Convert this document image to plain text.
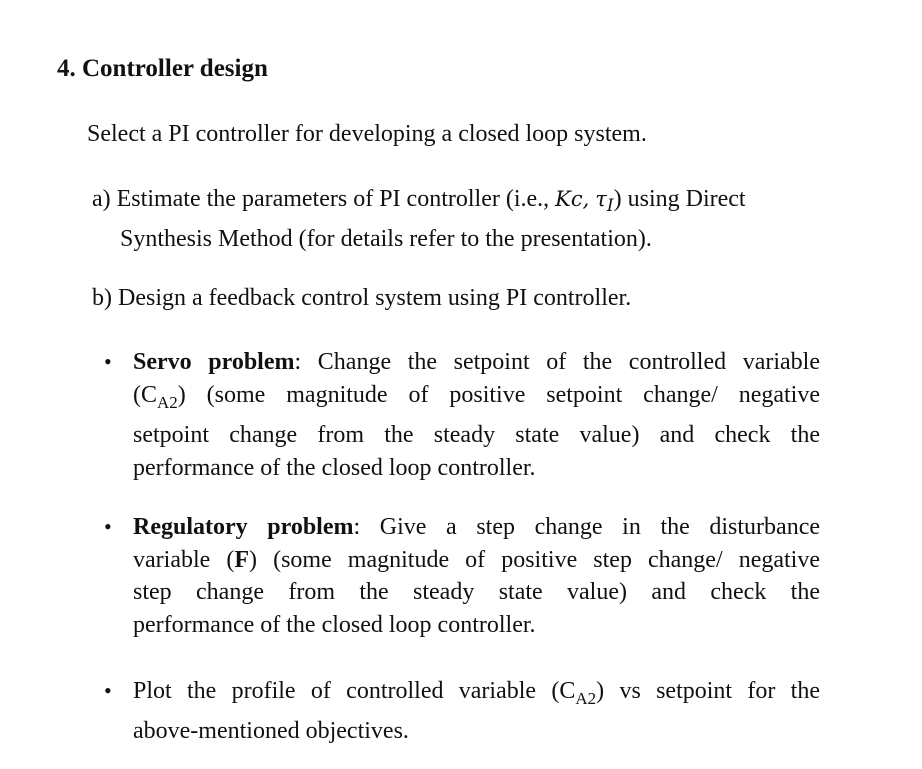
4. Controller design

Select a PI controller for developing a closed loop system.

a) Estimate the parameters of PI controller (i.e., Kc, $\tau_I$) using Direct
Synthesis Method (for details refer to the presentation).

b) Design a feedback control system using PI controller.

• Servo problem: Change the setpoint of the controlled variable
$(C_{A2})$ (some magnitude of positive setpoint change/ negative
setpoint change from the steady state value) and check the
performance of the closed loop controller.
• Regulatory problem: Give a step change in the disturbance
variable (F) (some magnitude of positive step change/ negative
step change from the steady state value) and check the
performance of the closed loop controller.
• Plot the profile of controlled variable $(C_{A2})$ vs setpoint for the
above-mentioned objectives.
